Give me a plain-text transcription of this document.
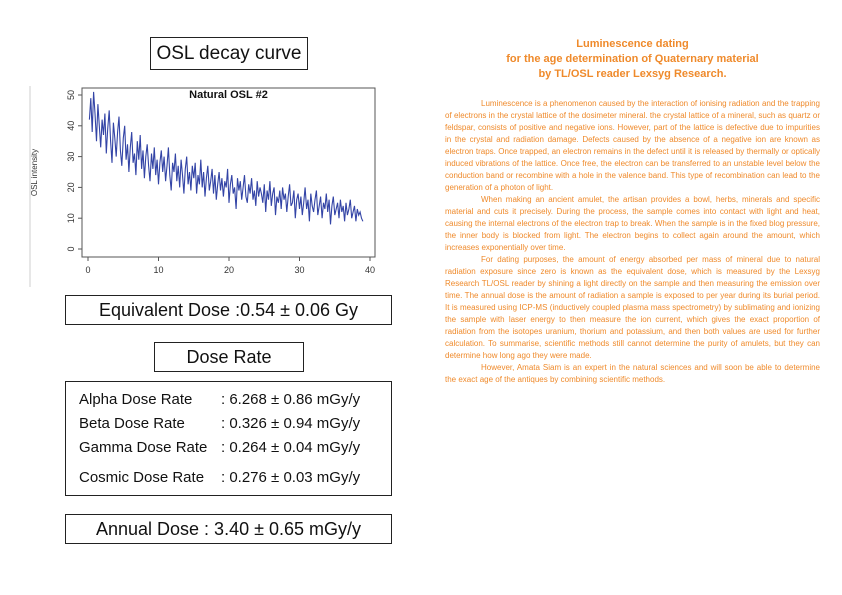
OSL decay curve
Natural OSL #2
OSL intensity
0	10	20	30	40
0
10
20
30
40
50
Equivalent Dose :0.54 ± 0.06 Gy
Dose Rate
Alpha Dose Rate	: 6.268 ± 0.86 mGy/y
Beta Dose Rate	: 0.326 ± 0.94 mGy/y
Gamma Dose Rate : 0.264 ± 0.04 mGy/y
Cosmic Dose Rate	: 0.276 ± 0.03 mGy/y
Annual Dose : 3.40 ± 0.65 mGy/y
Luminescence dating
for the age determination of Quaternary material
by TL/OSL reader Lexsyg Research.

Luminescence is a phenomenon caused by the interaction of ionising radiation and the trapping of electrons in the crystal lattice of the dosimeter mineral. the crystal lattice of a mineral, such as quartz or feldspar, consists of positive and negative ions. However, part of the lattice is defective due to impurities in the crystal and radiation damage. Defects caused by the absence of a negative ion are known as electron traps. Once trapped, an electron remains in the defect until it is released by thermally or optically induced vibrations of the lattice. Once free, the electron can be transferred to an unstable level below the conduction band or recombine with a hole in the valence band. This type of recombination can lead to the generation of a photon of light.

When making an ancient amulet, the artisan provides a bowl, herbs, minerals and specific material and cuts it precisely. During the process, the sample comes into contact with light and heat, causing the internal electrons of the electron trap to break. When the sample is in the fixed blog pressure, the inner body is blocked from light. The electron begins to collect again around the amount, which increases exponentially over time.

For dating purposes, the amount of energy absorbed per mass of mineral due to natural radiation exposure since zero is known as the equivalent dose, which is measured by the Lexsyg Research TL/OSL reader by shining a light directly on the sample and then measuring the emission over time. The annual dose is the amount of radiation a sample is exposed to per year during its burial period. It is measured using ICP-MS (inductively coupled plasma mass spectrometry) by sublimating and ionizing the sample with laser energy to then measure the ion current, which gives the exact proportion of radiation from the isotopes uranium, thorium and potassium, and then both values are used for further calculation. To summarise, scientific methods still cannot determine the purity of amulets, but they can determine how long ago they were made.

However, Amata Siam is an expert in the natural sciences and will soon be able to determine the exact age of the antiques by combining scientific methods.
